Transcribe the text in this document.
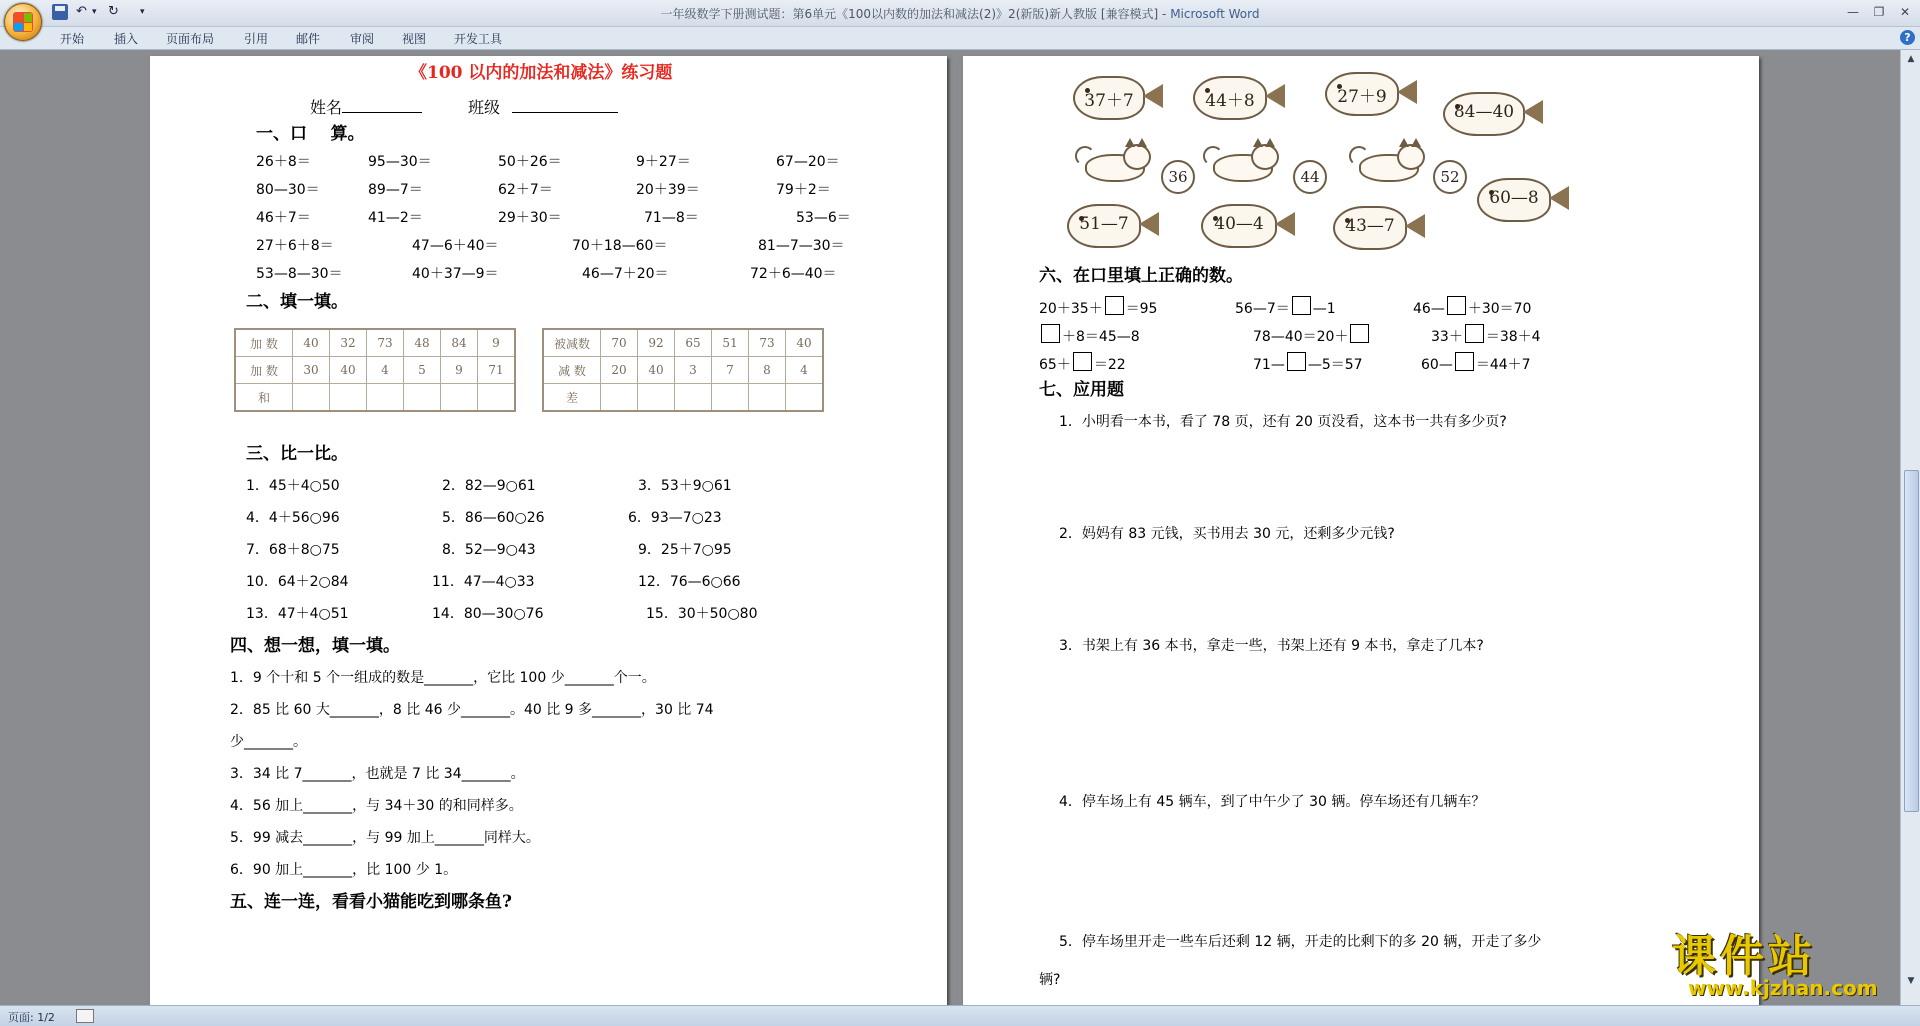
↶ ▾ ↻ ▾	一年级数学下册测试题：第6单元《100以内数的加法和减法(2)》2(新版)新人教版 [兼容模式] - Microsoft Word	—	❐	✕
开始 插入 页面布局 引用 邮件 审阅 视图 开发工具	?
《100 以内的加法和减法》练习题
姓名	班级
一、口    算。
26＋8＝	95—30＝	50＋26＝	9＋27＝	67—20＝
80—30＝	89—7＝	62＋7＝	20＋39＝	79＋2＝
46＋7＝	41—2＝	29＋30＝	71—8＝	53—6＝
27＋6＋8＝	47—6＋40＝	70＋18—60＝	81—7—30＝
53—8—30＝	40＋37—9＝	46—7＋20＝	72＋6—40＝
二、填一填。
加 数	40	32	73	48	84	9
加 数	30	40	4	5	9	71
和						
被减数	70	92	65	51	73	40
减 数	20	40	3	7	8	4
差						
三、比一比。
1．45＋4○50	2．82—9○61	3．53＋9○61
4．4＋56○96	5．86—60○26	6．93—7○23
7．68＋8○75	8．52—9○43	9．25＋7○95
10．64＋2○84	11．47—4○33	12．76—6○66
13．47＋4○51	14．80—30○76	15．30＋50○80
四、想一想，填一填。
1．9 个十和 5 个一组成的数是_______，它比 100 少_______个一。
2．85 比 60 大_______，8 比 46 少_______。40 比 9 多_______，30 比 74
少_______。
3．34 比 7_______，也就是 7 比 34_______。
4．56 加上_______，与 34＋30 的和同样多。
5．99 减去_______，与 99 加上_______同样大。
6．90 加上_______，比 100 少 1。
五、连一连，看看小猫能吃到哪条鱼?
37＋7	44＋8	27＋9
84—40
36	44	52
51—7	40—4	43—7
60—8
六、在口里填上正确的数。
20＋35＋ ＝95	56—7＝ —1	46— ＋30＝70
＋8＝45—8	78—40＝20＋	33＋ ＝38＋4
65＋ ＝22	71— —5＝57	60— ＝44＋7
七、应用题
1．小明看一本书，看了 78 页，还有 20 页没看，这本书一共有多少页?
2．妈妈有 83 元钱，买书用去 30 元，还剩多少元钱?
3．书架上有 36 本书，拿走一些，书架上还有 9 本书，拿走了几本?
4．停车场上有 45 辆车，到了中午少了 30 辆。停车场还有几辆车？
5．停车场里开走一些车后还剩 12 辆，开走的比剩下的多 20 辆，开走了多少
辆?
▲
▼
页面: 1/2
课件站
www.kjzhan.com
